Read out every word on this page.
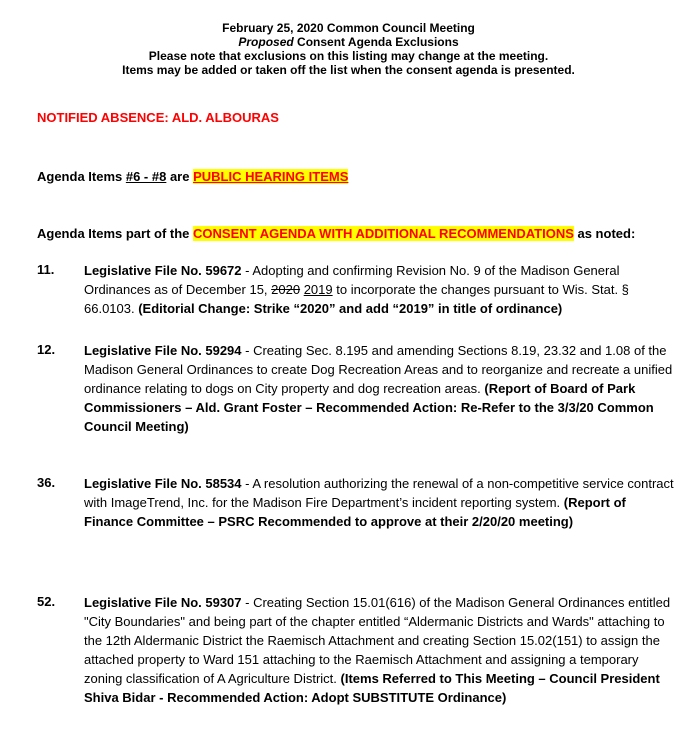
February 25, 2020 Common Council Meeting
Proposed Consent Agenda Exclusions
Please note that exclusions on this listing may change at the meeting.
Items may be added or taken off the list when the consent agenda is presented.
NOTIFIED ABSENCE: ALD. ALBOURAS
Agenda Items #6 - #8 are PUBLIC HEARING ITEMS
Agenda Items part of the CONSENT AGENDA WITH ADDITIONAL RECOMMENDATIONS as noted:
11. Legislative File No. 59672 - Adopting and confirming Revision No. 9 of the Madison General Ordinances as of December 15, 2020 2019 to incorporate the changes pursuant to Wis. Stat. § 66.0103. (Editorial Change: Strike “2020” and add “2019” in title of ordinance)
12. Legislative File No. 59294 - Creating Sec. 8.195 and amending Sections 8.19, 23.32 and 1.08 of the Madison General Ordinances to create Dog Recreation Areas and to reorganize and recreate a unified ordinance relating to dogs on City property and dog recreation areas. (Report of Board of Park Commissioners – Ald. Grant Foster – Recommended Action: Re-Refer to the 3/3/20 Common Council Meeting)
36. Legislative File No. 58534 - A resolution authorizing the renewal of a non-competitive service contract with ImageTrend, Inc. for the Madison Fire Department’s incident reporting system. (Report of Finance Committee – PSRC Recommended to approve at their 2/20/20 meeting)
52. Legislative File No. 59307 - Creating Section 15.01(616) of the Madison General Ordinances entitled "City Boundaries" and being part of the chapter entitled “Aldermanic Districts and Wards" attaching to the 12th Aldermanic District the Raemisch Attachment and creating Section 15.02(151) to assign the attached property to Ward 151 attaching to the Raemisch Attachment and assigning a temporary zoning classification of A Agriculture District. (Items Referred to This Meeting – Council President Shiva Bidar - Recommended Action: Adopt SUBSTITUTE Ordinance)
